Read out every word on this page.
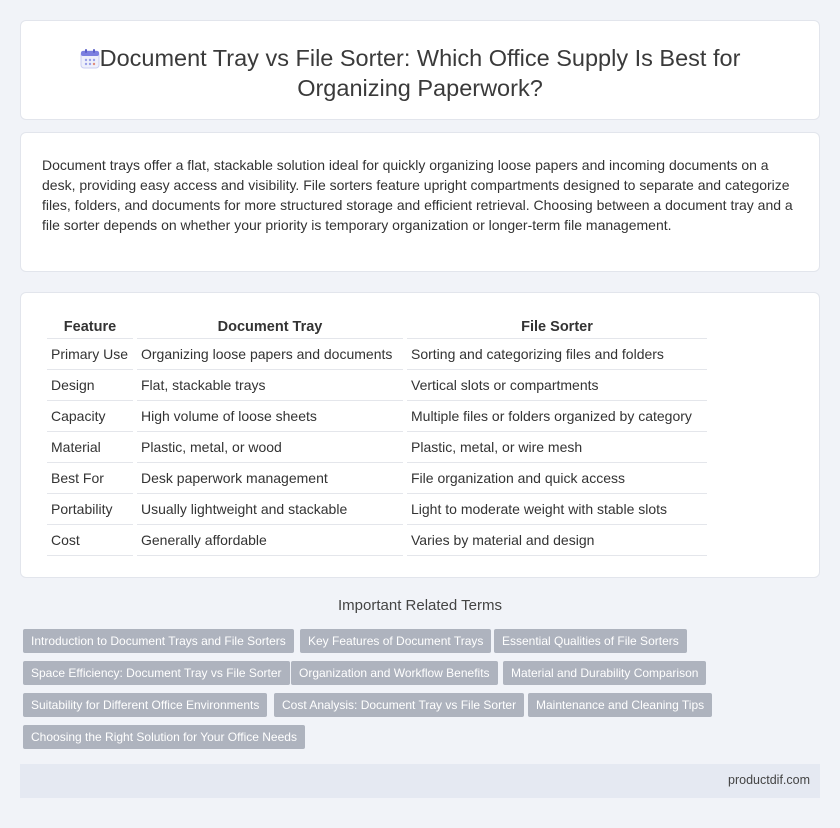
Document Tray vs File Sorter: Which Office Supply Is Best for Organizing Paperwork?

Document trays offer a flat, stackable solution ideal for quickly organizing loose papers and incoming documents on a desk, providing easy access and visibility. File sorters feature upright compartments designed to separate and categorize files, folders, and documents for more structured storage and efficient retrieval. Choosing between a document tray and a file sorter depends on whether your priority is temporary organization or longer-term file management.

Feature	Document Tray	File Sorter
Primary Use	Organizing loose papers and documents	Sorting and categorizing files and folders
Design	Flat, stackable trays	Vertical slots or compartments
Capacity	High volume of loose sheets	Multiple files or folders organized by category
Material	Plastic, metal, or wood	Plastic, metal, or wire mesh
Best For	Desk paperwork management	File organization and quick access
Portability	Usually lightweight and stackable	Light to moderate weight with stable slots
Cost	Generally affordable	Varies by material and design
Important Related Terms
Introduction to Document Trays and File Sorters	Key Features of Document Trays	Essential Qualities of File Sorters
Space Efficiency: Document Tray vs File Sorter	Organization and Workflow Benefits	Material and Durability Comparison
Suitability for Different Office Environments	Cost Analysis: Document Tray vs File Sorter	Maintenance and Cleaning Tips
Choosing the Right Solution for Your Office Needs
productdif.com
